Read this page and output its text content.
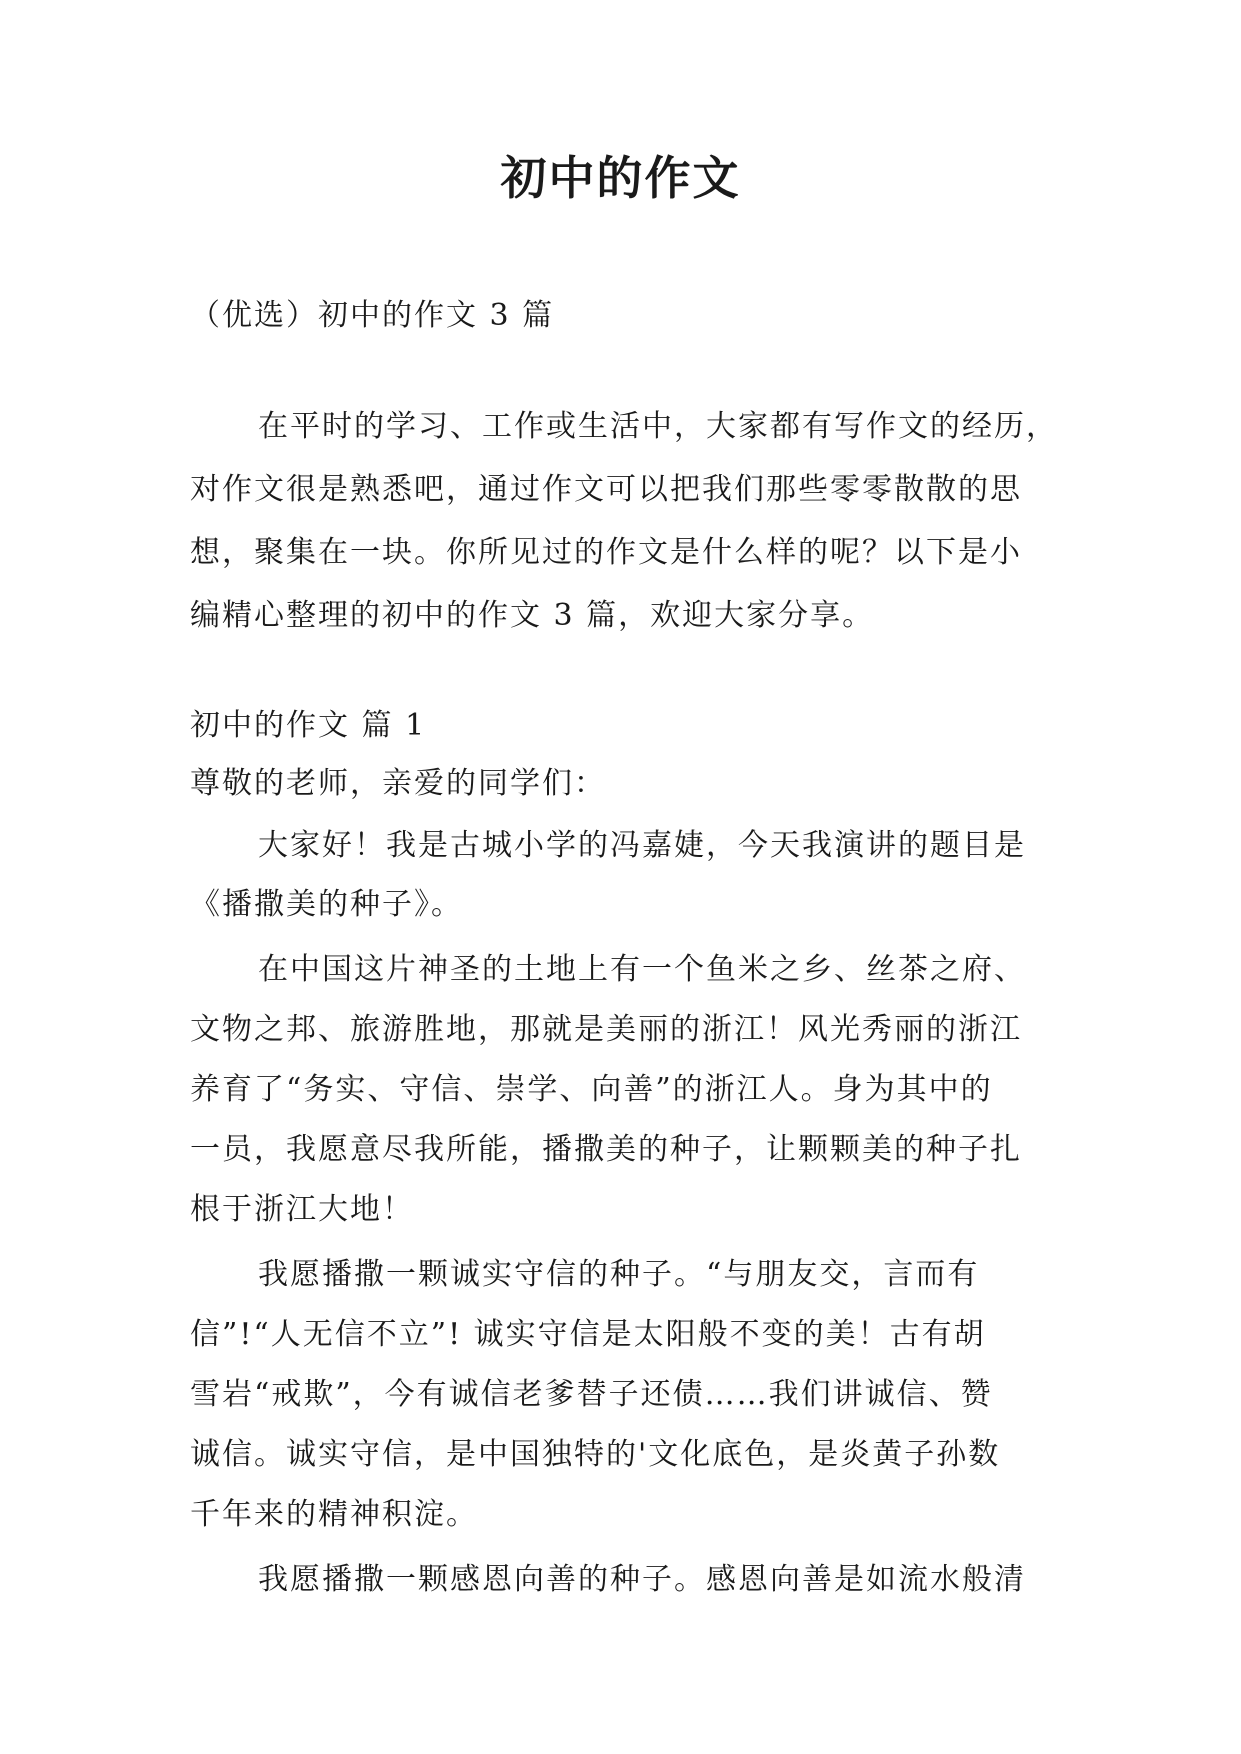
初中的作文
（优选）初中的作文 3 篇
在平时的学习、工作或生活中，大家都有写作文的经历，
对作文很是熟悉吧，通过作文可以把我们那些零零散散的思
想，聚集在一块。你所见过的作文是什么样的呢？以下是小
编精心整理的初中的作文 3 篇，欢迎大家分享。
初中的作文 篇 1
尊敬的老师，亲爱的同学们：
大家好！我是古城小学的冯嘉婕，今天我演讲的题目是
《播撒美的种子》。
在中国这片神圣的土地上有一个鱼米之乡、丝茶之府、
文物之邦、旅游胜地，那就是美丽的浙江！风光秀丽的浙江
养育了“务实、守信、崇学、向善”的浙江人。身为其中的
一员，我愿意尽我所能，播撒美的种子，让颗颗美的种子扎
根于浙江大地！
我愿播撒一颗诚实守信的种子。“与朋友交，言而有
信”!“人无信不立”! 诚实守信是太阳般不变的美！古有胡
雪岩“戒欺”，今有诚信老爹替子还债……我们讲诚信、赞
诚信。诚实守信，是中国独特的'文化底色，是炎黄子孙数
千年来的精神积淀。
我愿播撒一颗感恩向善的种子。感恩向善是如流水般清
